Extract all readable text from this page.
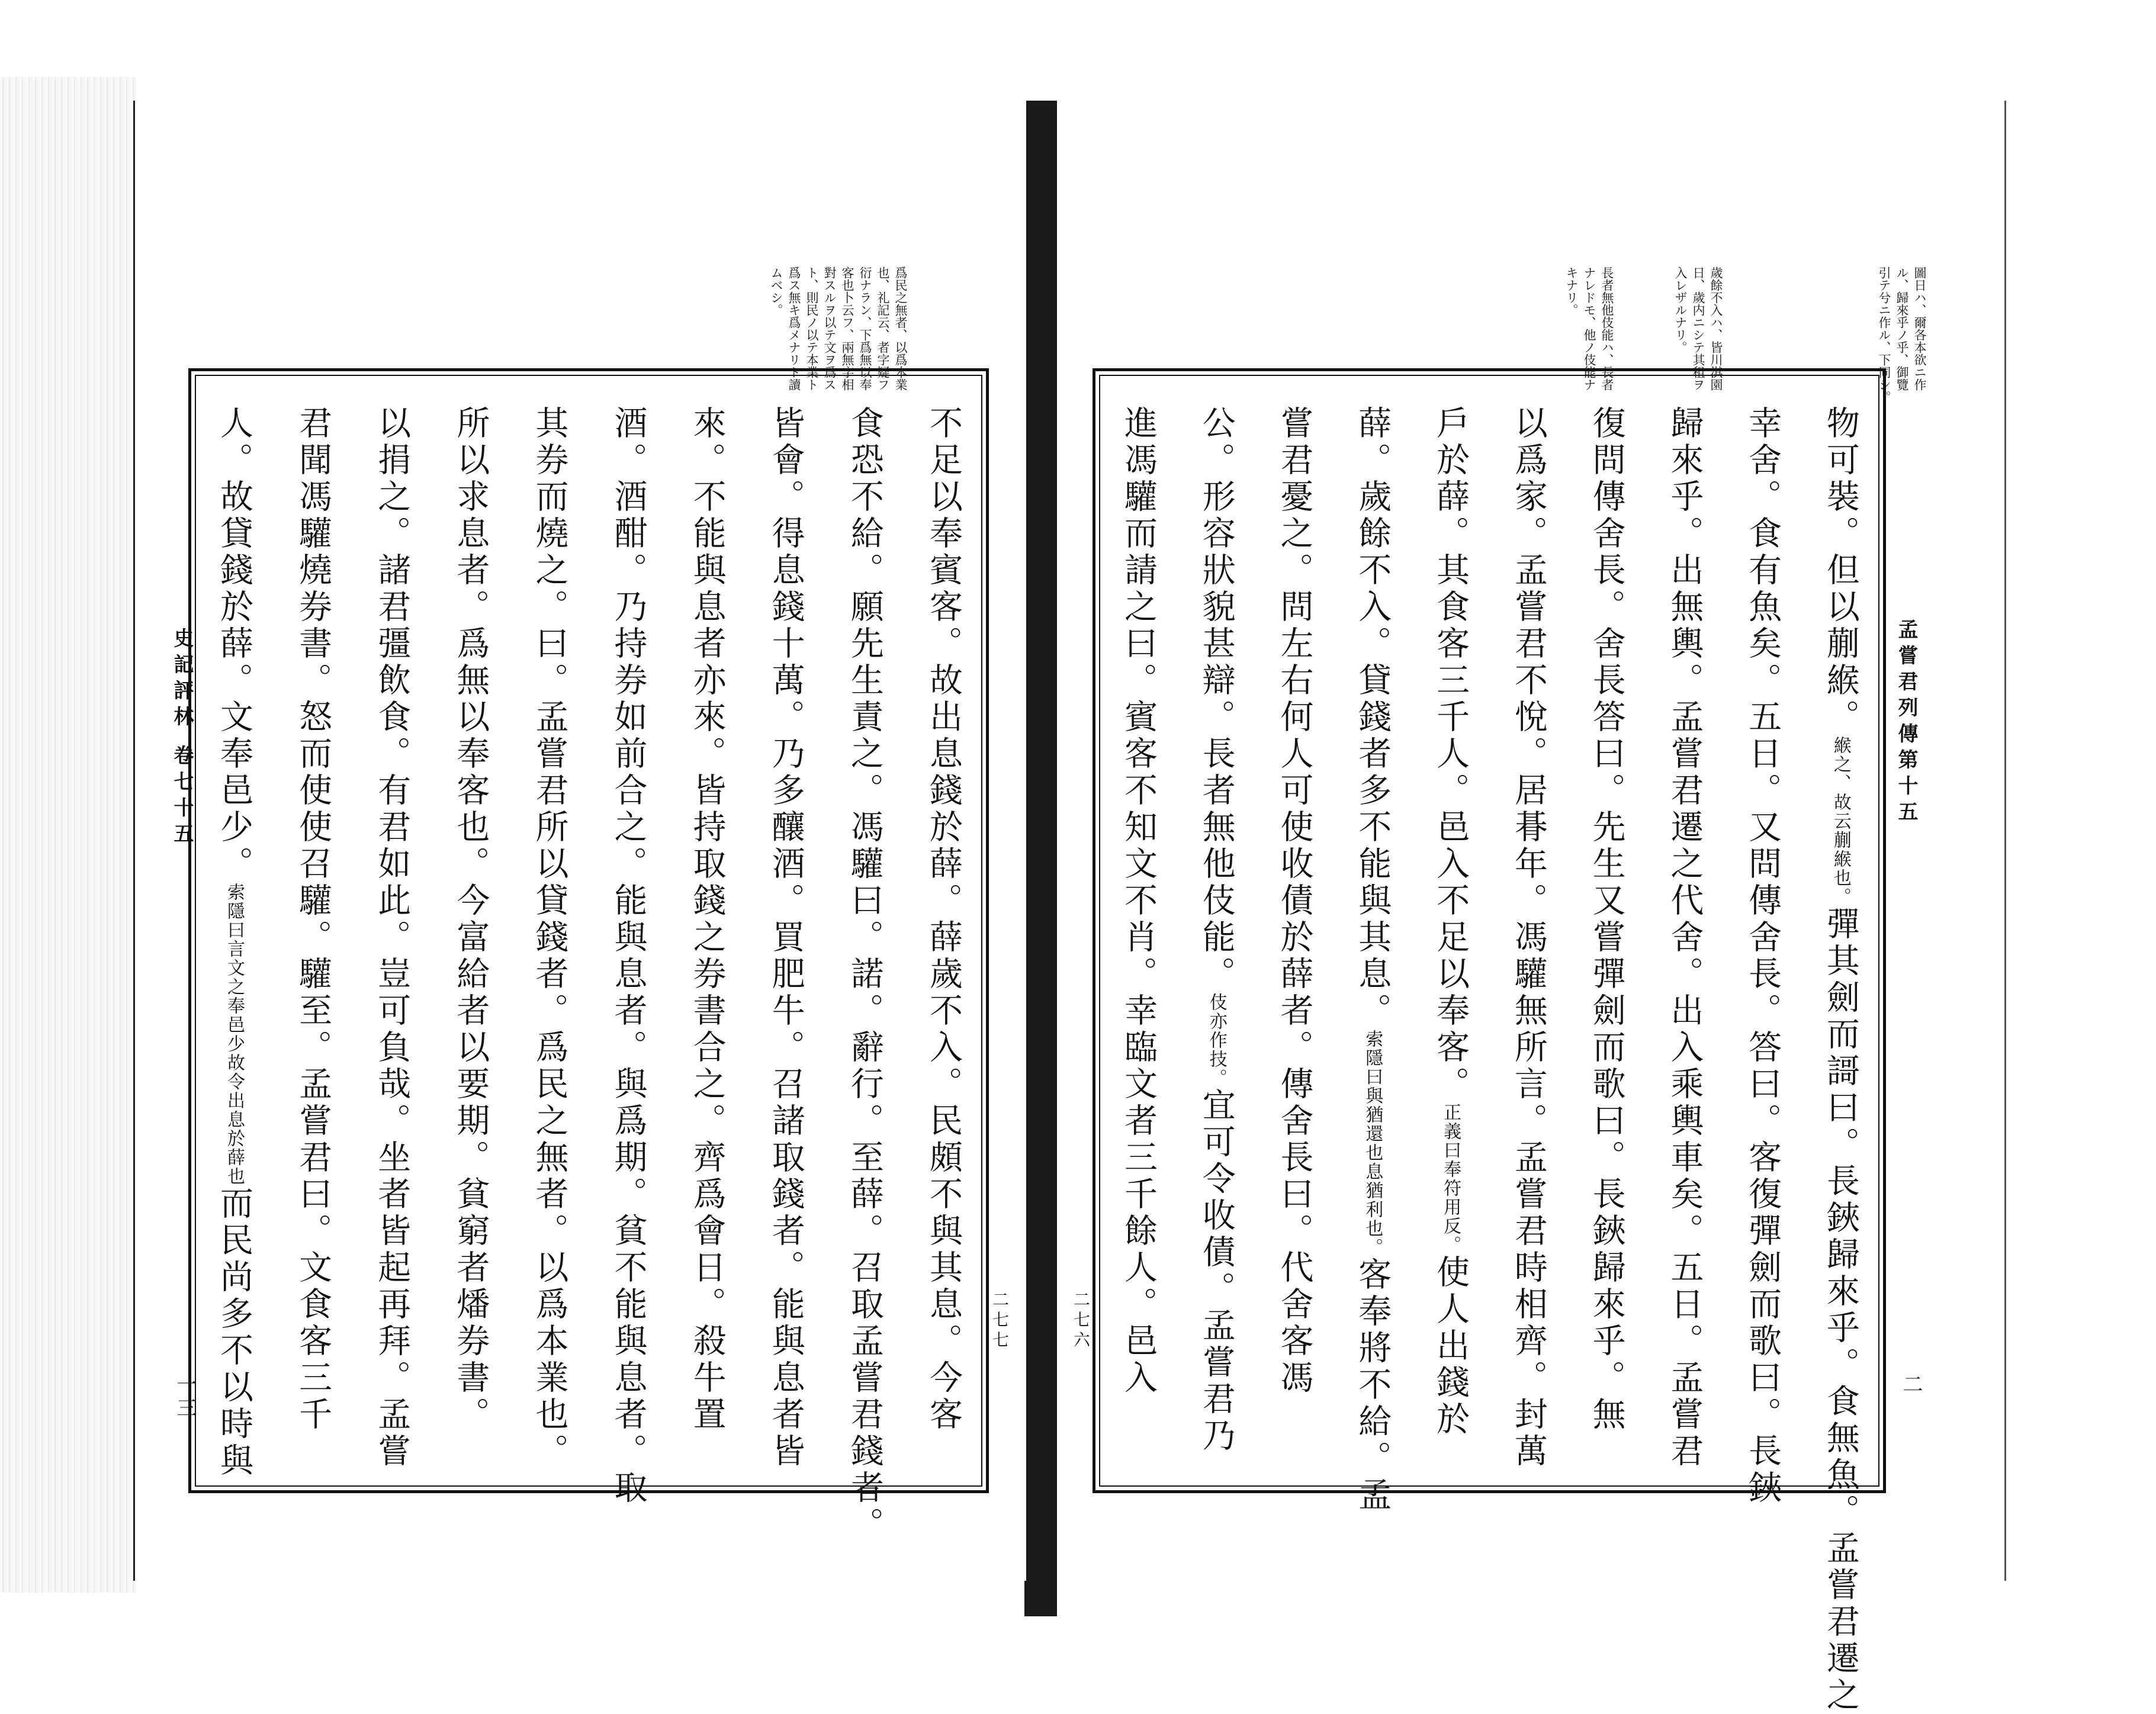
史記評林 卷七十五
一三
二七七
爲民之無者、以爲本業
也、礼記云、者字疑フ
衍ナラン、下爲無以奉
客也卜云フ、兩無字相
對スルヲ以テ文ヲ爲ス
ト、則民ノ以テ本業ト
爲ス無キ爲メナリト讀
ムベシ。
不足以奉賓客。故出息錢於薛。薛歲不入。民頗不與其息。今客
食恐不給。願先生責之。馮驩曰。諾。辭行。至薛。召取孟嘗君錢者。
皆會。得息錢十萬。乃多釀酒。買肥牛。召諸取錢者。能與息者皆
來。不能與息者亦來。皆持取錢之券書合之。齊爲會日。殺牛置
酒。酒酣。乃持券如前合之。能與息者。與爲期。貧不能與息者。取
其券而燒之。曰。孟嘗君所以貸錢者。爲民之無者。以爲本業也。
所以求息者。爲無以奉客也。今富給者以要期。貧窮者燔券書。
以捐之。諸君彊飲食。有君如此。豈可負哉。坐者皆起再拜。孟嘗
君聞馮驩燒券書。怒而使使召驩。驩至。孟嘗君曰。文食客三千
人。故貸錢於薛。文奉邑少。索隱曰言文之奉邑少故令出息於薛也而民尚多不以時與
孟嘗君列傳第十五
二
二七六
圖日ハ、爾各本欲ニ作
ル、歸來乎ノ乎、御覽
引テ兮ニ作ル、下同シ。
歲餘不入ハ、皆川淇園
日、歲内ニシテ其租ヲ
入レザルナリ。
長者無他伎能ハ、長者
ナレドモ、他ノ伎能ナ
キナリ。
物可裝。但以蒯緱。緱之、故云蒯緱也。彈其劍而謌曰。長鋏歸來乎。食無魚。孟嘗君遷之
幸舍。食有魚矣。五日。又問傳舍長。答曰。客復彈劍而歌曰。長鋏
歸來乎。出無輿。孟嘗君遷之代舍。出入乘輿車矣。五日。孟嘗君
復問傳舍長。舍長答曰。先生又嘗彈劍而歌曰。長鋏歸來乎。無
以爲家。孟嘗君不悅。居朞年。馮驩無所言。孟嘗君時相齊。封萬
戶於薛。其食客三千人。邑入不足以奉客。正義曰奉符用反。使人出錢於
薛。歲餘不入。貸錢者多不能與其息。索隱曰與猶還也息猶利也。客奉將不給。孟
嘗君憂之。問左右何人可使收債於薛者。傳舍長曰。代舍客馮
公。形容狀貌甚辯。長者無他伎能。伎亦作技。宜可令收債。孟嘗君乃
進馮驩而請之曰。賓客不知文不肖。幸臨文者三千餘人。邑入
